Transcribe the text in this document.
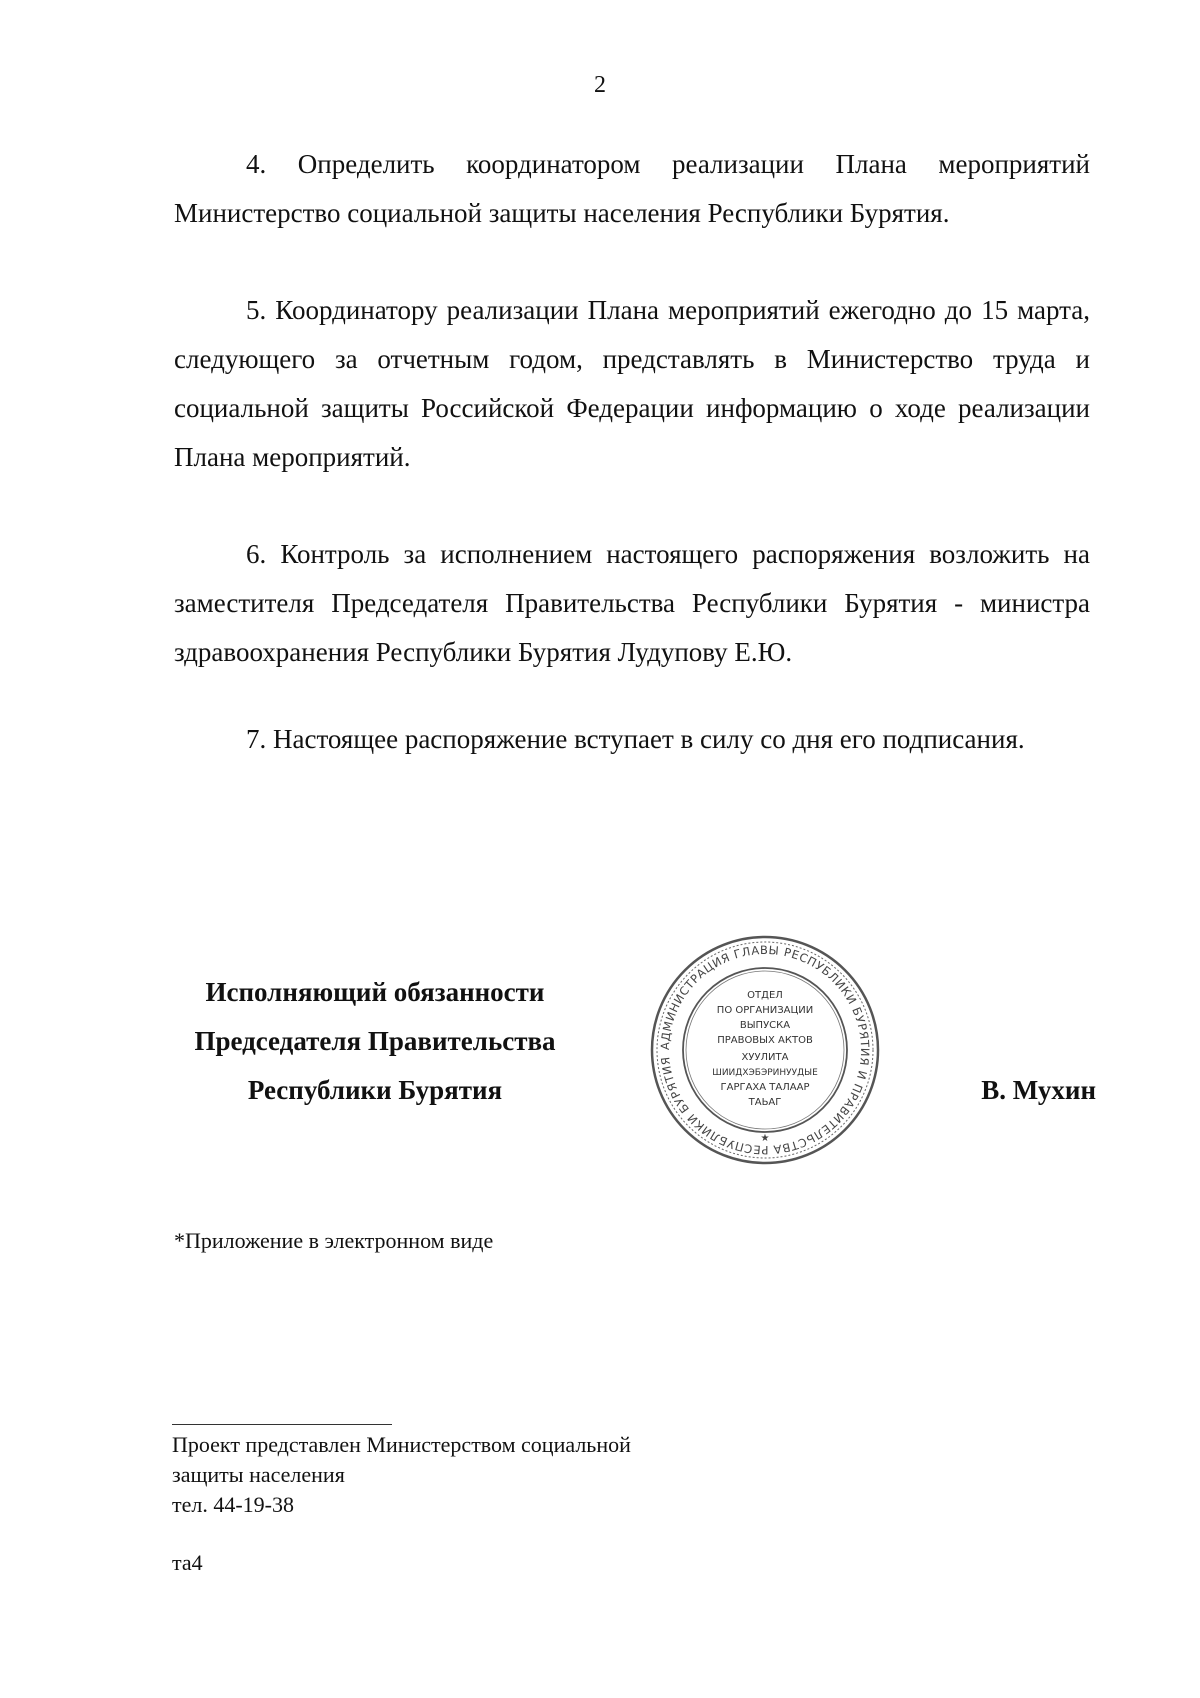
2

4. Определить координатором реализации Плана мероприятий Министерство социальной защиты населения Республики Бурятия.

5. Координатору реализации Плана мероприятий ежегодно до 15 марта, следующего за отчетным годом, представлять в Министерство труда и социальной защиты Российской Федерации информацию о ходе реализации Плана мероприятий.

6. Контроль за исполнением настоящего распоряжения возложить на заместителя Председателя Правительства Республики Бурятия - министра здравоохранения Республики Бурятия Лудупову Е.Ю.

7. Настоящее распоряжение вступает в силу со дня его подписания.

Исполняющий обязанности
Председателя Правительства
Республики Бурятия
АДМИНИСТРАЦИЯ ГЛАВЫ РЕСПУБЛИКИ БУРЯТИЯ И ПРАВИТЕЛЬСТВА РЕСПУБЛИКИ БУРЯТИЯ
ОТДЕЛ
ПО ОРГАНИЗАЦИИ
ВЫПУСКА
ПРАВОВЫХ АКТОВ
ХУУЛИТА
ШИИДХЭБЭРИНУУДЫЕ
ГАРГАХА ТАЛААР
ТАЬАГ
★
В. Мухин
*Приложение в электронном виде
Проект представлен Министерством социальной
защиты населения
тел. 44-19-38
та4
